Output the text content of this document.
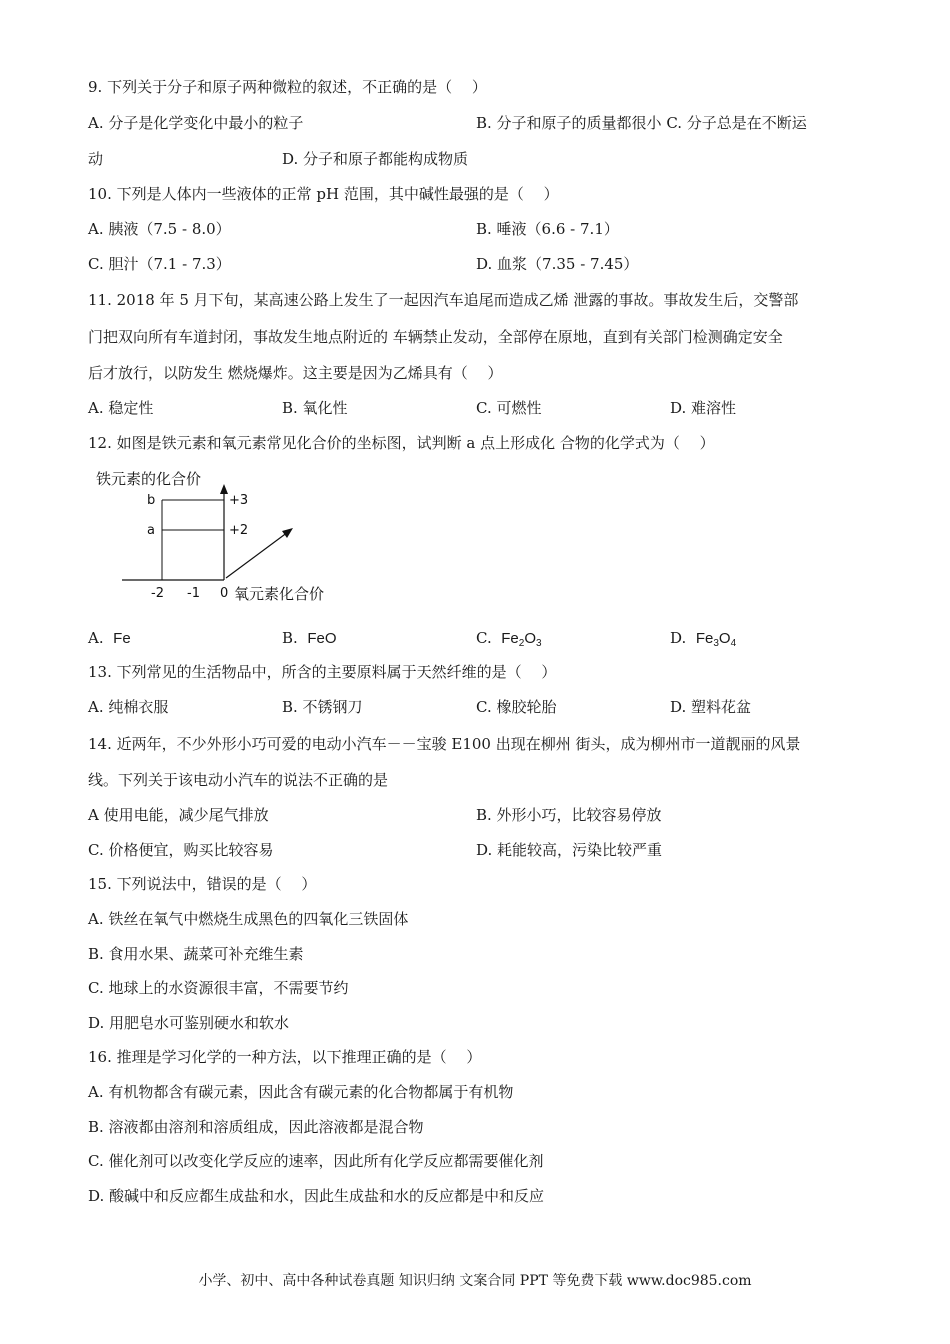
9. 下列关于分子和原子两种微粒的叙述，不正确的是（　 ）
A. 分子是化学变化中最小的粒子	B. 分子和原子的质量都很小 C. 分子总是在不断运
动	D. 分子和原子都能构成物质
10. 下列是人体内一些液体的正常 pH 范围，其中碱性最强的是（　 ）
A. 胰液（7.5 - 8.0）	B. 唾液（6.6 - 7.1）
C. 胆汁（7.1 - 7.3）	D. 血浆（7.35 - 7.45）
11. 2018 年 5 月下旬，某高速公路上发生了一起因汽车追尾而造成乙烯 泄露的事故。事故发生后，交警部
门把双向所有车道封闭，事故发生地点附近的 车辆禁止发动，全部停在原地，直到有关部门检测确定安全
后才放行，以防发生 燃烧爆炸。这主要是因为乙烯具有（　 ）
A. 稳定性	B. 氧化性	C. 可燃性	D. 难溶性
12. 如图是铁元素和氧元素常见化合价的坐标图，试判断 a 点上形成化 合物的化学式为（　 ）
铁元素的化合价
b
a
+3
+2
-2 -1 0 氧元素化合价
A. Fe	B. FeO	C. $Fe_2O_3$	D. $Fe_3O_4$
13. 下列常见的生活物品中，所含的主要原料属于天然纤维的是（　 ）
A. 纯棉衣服	B. 不锈钢刀	C. 橡胶轮胎	D. 塑料花盆
14. 近两年，不少外形小巧可爱的电动小汽车－－宝骏 E100 出现在柳州 街头，成为柳州市一道靓丽的风景
线。下列关于该电动小汽车的说法不正确的是
A 使用电能，减少尾气排放	B. 外形小巧，比较容易停放
C. 价格便宜，购买比较容易	D. 耗能较高，污染比较严重
15. 下列说法中，错误的是（　 ）
A. 铁丝在氧气中燃烧生成黑色的四氧化三铁固体
B. 食用水果、蔬菜可补充维生素
C. 地球上的水资源很丰富，不需要节约
D. 用肥皂水可鉴别硬水和软水
16. 推理是学习化学的一种方法，以下推理正确的是（　 ）
A. 有机物都含有碳元素，因此含有碳元素的化合物都属于有机物
B. 溶液都由溶剂和溶质组成，因此溶液都是混合物
C. 催化剂可以改变化学反应的速率，因此所有化学反应都需要催化剂
D. 酸碱中和反应都生成盐和水，因此生成盐和水的反应都是中和反应
小学、初中、高中各种试卷真题 知识归纳 文案合同 PPT 等免费下载 www.doc985.com
